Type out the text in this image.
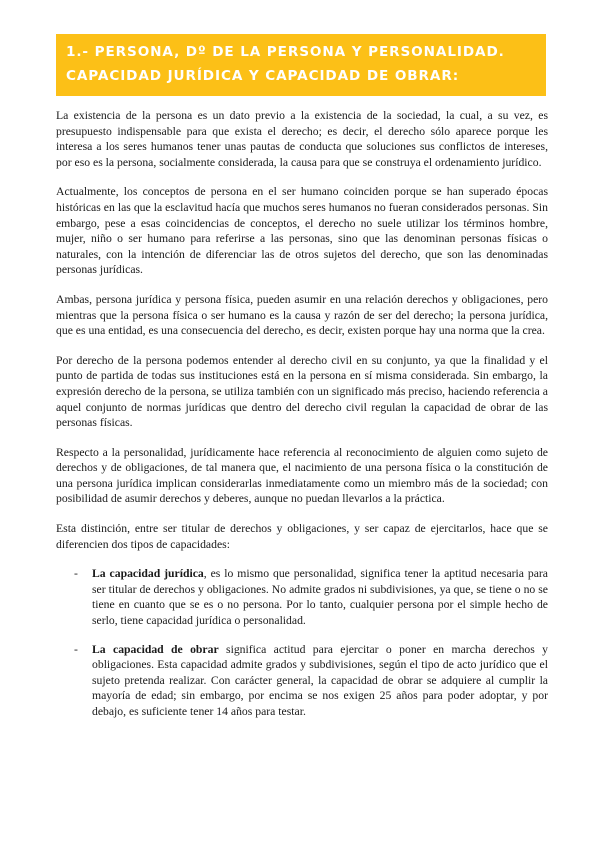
1.- PERSONA, Dº DE LA PERSONA Y PERSONALIDAD. CAPACIDAD JURÍDICA Y CAPACIDAD DE OBRAR:

La existencia de la persona es un dato previo a la existencia de la sociedad, la cual, a su vez, es presupuesto indispensable para que exista el derecho; es decir, el derecho sólo aparece porque les interesa a los seres humanos tener unas pautas de conducta que soluciones sus conflictos de intereses, por eso es la persona, socialmente considerada, la causa para que se construya el ordenamiento jurídico.

Actualmente, los conceptos de persona en el ser humano coinciden porque se han superado épocas históricas en las que la esclavitud hacía que muchos seres humanos no fueran considerados personas. Sin embargo, pese a esas coincidencias de conceptos, el derecho no suele utilizar los términos hombre, mujer, niño o ser humano para referirse a las personas, sino que las denominan personas físicas o naturales, con la intención de diferenciar las de otros sujetos del derecho, que son las denominadas personas jurídicas.

Ambas, persona jurídica y persona física, pueden asumir en una relación derechos y obligaciones, pero mientras que la persona física o ser humano es la causa y razón de ser del derecho; la persona jurídica, que es una entidad, es una consecuencia del derecho, es decir, existen porque hay una norma que la crea.

Por derecho de la persona podemos entender al derecho civil en su conjunto, ya que la finalidad y el punto de partida de todas sus instituciones está en la persona en sí misma considerada. Sin embargo, la expresión derecho de la persona, se utiliza también con un significado más preciso, haciendo referencia a aquel conjunto de normas jurídicas que dentro del derecho civil regulan la capacidad de obrar de las personas físicas.

Respecto a la personalidad, jurídicamente hace referencia al reconocimiento de alguien como sujeto de derechos y de obligaciones, de tal manera que, el nacimiento de una persona física o la constitución de una persona jurídica implican considerarlas inmediatamente como un miembro más de la sociedad; con posibilidad de asumir derechos y deberes, aunque no puedan llevarlos a la práctica.

Esta distinción, entre ser titular de derechos y obligaciones, y ser capaz de ejercitarlos, hace que se diferencien dos tipos de capacidades:

- La capacidad jurídica, es lo mismo que personalidad, significa tener la aptitud necesaria para ser titular de derechos y obligaciones. No admite grados ni subdivisiones, ya que, se tiene o no se tiene en cuanto que se es o no persona. Por lo tanto, cualquier persona por el simple hecho de serlo, tiene capacidad jurídica o personalidad.
- La capacidad de obrar significa actitud para ejercitar o poner en marcha derechos y obligaciones. Esta capacidad admite grados y subdivisiones, según el tipo de acto jurídico que el sujeto pretenda realizar. Con carácter general, la capacidad de obrar se adquiere al cumplir la mayoría de edad; sin embargo, por encima se nos exigen 25 años para poder adoptar, y por debajo, es suficiente tener 14 años para testar.
